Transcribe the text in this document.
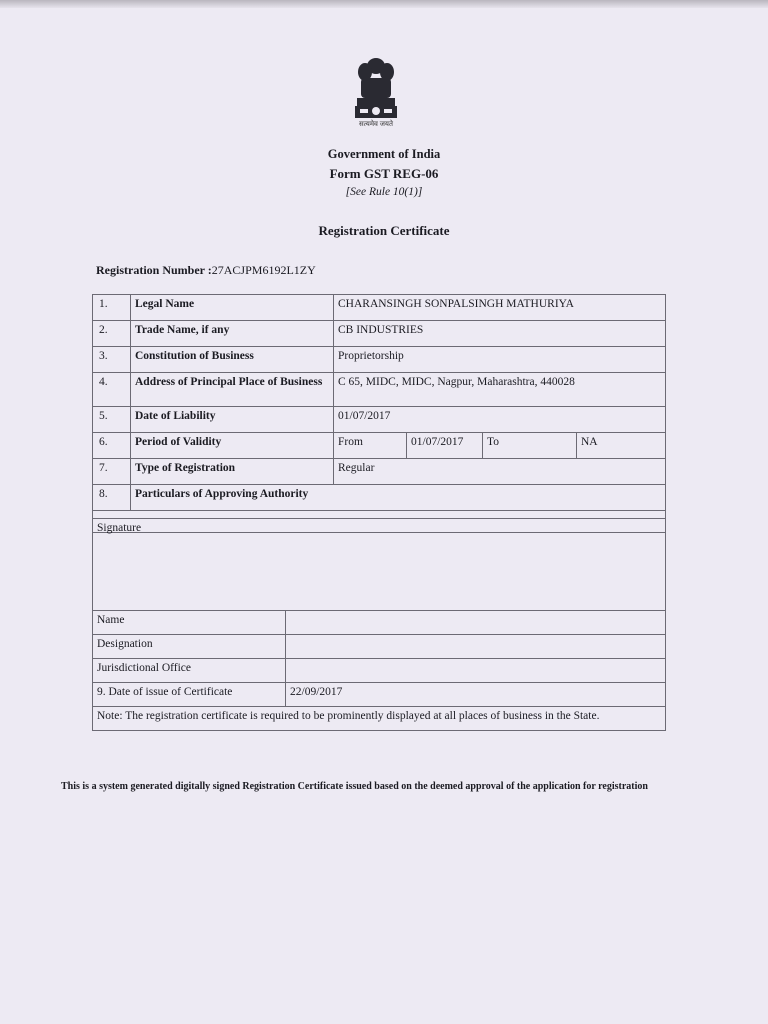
सत्यमेव जयते
Government of India
Form GST REG-06
[See Rule 10(1)]
Registration Certificate
Registration Number :27ACJPM6192L1ZY
1.	Legal Name	CHARANSINGH SONPALSINGH MATHURIYA			
2.	Trade Name, if any	CB INDUSTRIES			
3.	Constitution of Business	Proprietorship			
4.	Address of Principal Place of Business	C 65, MIDC, MIDC, Nagpur, Maharashtra, 440028			
5.	Date of Liability	01/07/2017			
6.	Period of Validity	From	01/07/2017	To	NA
7.	Type of Registration	Regular			
8.	Particulars of Approving Authority				

Signature	
Name	
Designation	
Jurisdictional Office	
9. Date of issue of Certificate	22/09/2017
Note: The registration certificate is required to be prominently displayed at all places of business in the State.	
This is a system generated digitally signed Registration Certificate issued based on the deemed approval of the application for registration
